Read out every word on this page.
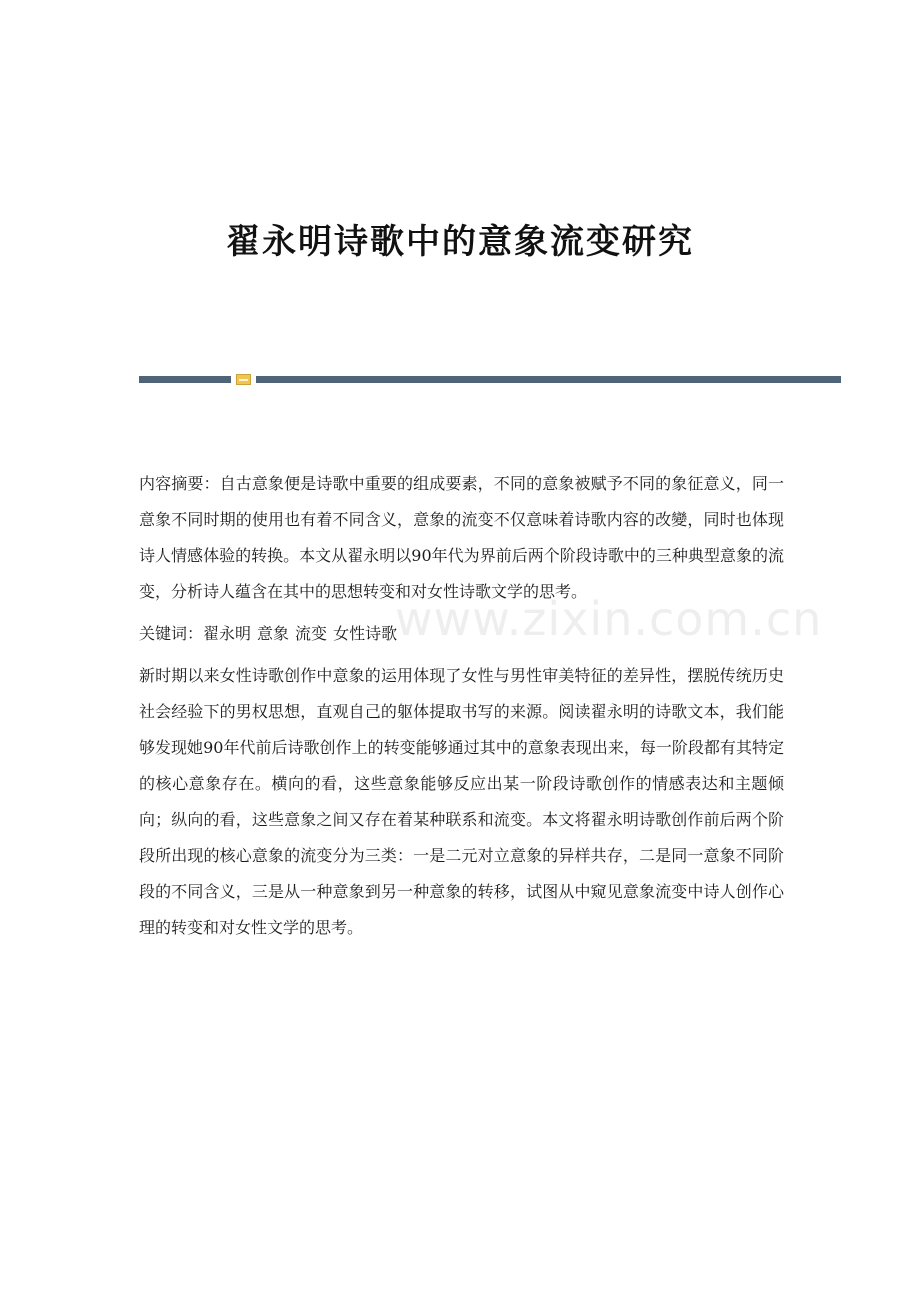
翟永明诗歌中的意象流变研究
www.zixin.com.cn

内容摘要：自古意象便是诗歌中重要的组成要素，不同的意象被赋予不同的象征意义，同一意象不同时期的使用也有着不同含义，意象的流变不仅意味着诗歌内容的改變，同时也体现诗人情感体验的转换。本文从翟永明以90年代为界前后两个阶段诗歌中的三种典型意象的流变，分析诗人蕴含在其中的思想转变和对女性诗歌文学的思考。

关键词：翟永明 意象 流变 女性诗歌

新时期以来女性诗歌创作中意象的运用体现了女性与男性审美特征的差异性，摆脱传统历史社会经验下的男权思想，直观自己的躯体提取书写的来源。阅读翟永明的诗歌文本，我们能够发现她90年代前后诗歌创作上的转变能够通过其中的意象表现出来，每一阶段都有其特定的核心意象存在。横向的看，这些意象能够反应出某一阶段诗歌创作的情感表达和主题倾向；纵向的看，这些意象之间又存在着某种联系和流变。本文将翟永明诗歌创作前后两个阶段所出现的核心意象的流变分为三类：一是二元对立意象的异样共存，二是同一意象不同阶段的不同含义，三是从一种意象到另一种意象的转移，试图从中窥见意象流变中诗人创作心理的转变和对女性文学的思考。
